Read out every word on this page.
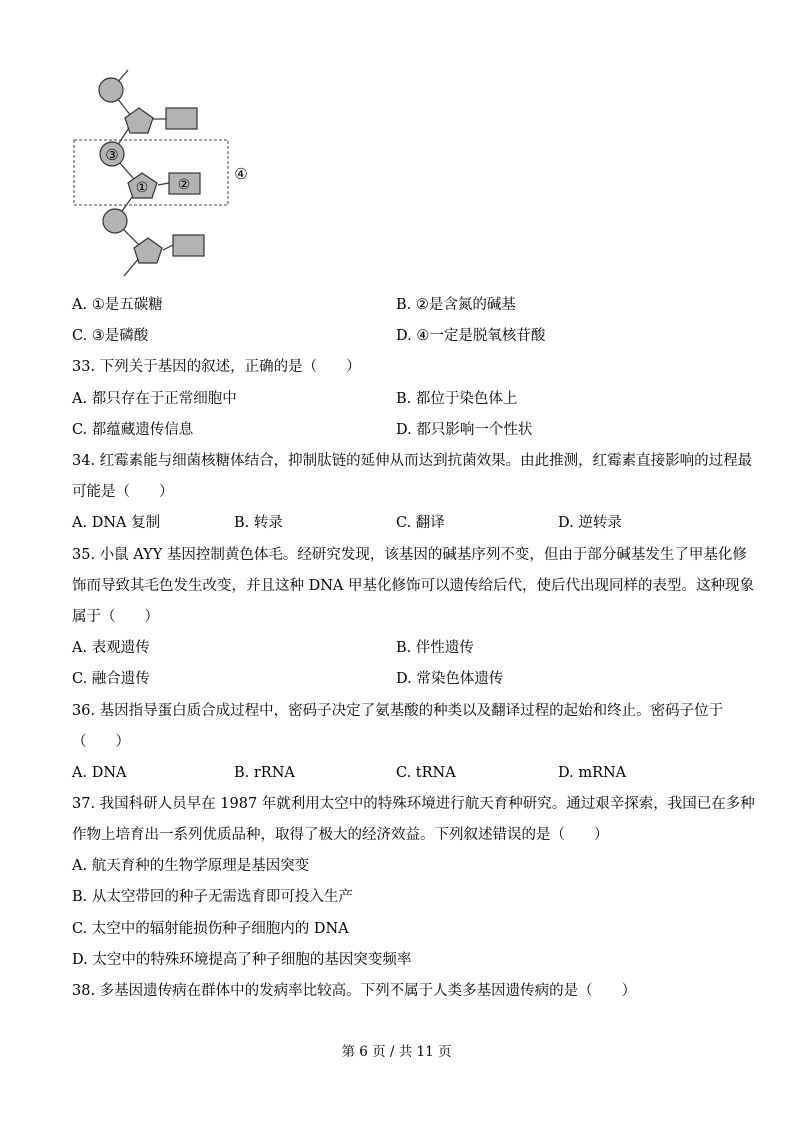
③
① ②
④
A. ①是五碳糖	B. ②是含氮的碱基
C. ③是磷酸	D. ④一定是脱氧核苷酸
33. 下列关于基因的叙述，正确的是（　　）
A. 都只存在于正常细胞中	B. 都位于染色体上
C. 都蕴藏遗传信息	D. 都只影响一个性状
34. 红霉素能与细菌核糖体结合，抑制肽链的延伸从而达到抗菌效果。由此推测，红霉素直接影响的过程最
可能是（　　）
A. DNA 复制	B. 转录	C. 翻译	D. 逆转录
35. 小鼠 AYY 基因控制黄色体毛。经研究发现，该基因的碱基序列不变，但由于部分碱基发生了甲基化修
饰而导致其毛色发生改变，并且这种 DNA 甲基化修饰可以遗传给后代，使后代出现同样的表型。这种现象
属于（　　）
A. 表观遗传	B. 伴性遗传
C. 融合遗传	D. 常染色体遗传
36. 基因指导蛋白质合成过程中，密码子决定了氨基酸的种类以及翻译过程的起始和终止。密码子位于
（　　）
A. DNA	B. rRNA	C. tRNA	D. mRNA
37. 我国科研人员早在 1987 年就利用太空中的特殊环境进行航天育种研究。通过艰辛探索，我国已在多种
作物上培育出一系列优质品种，取得了极大的经济效益。下列叙述错误的是（　　）
A. 航天育种的生物学原理是基因突变
B. 从太空带回的种子无需选育即可投入生产
C. 太空中的辐射能损伤种子细胞内的 DNA
D. 太空中的特殊环境提高了种子细胞的基因突变频率
38. 多基因遗传病在群体中的发病率比较高。下列不属于人类多基因遗传病的是（　　）
第 6 页 / 共 11 页
